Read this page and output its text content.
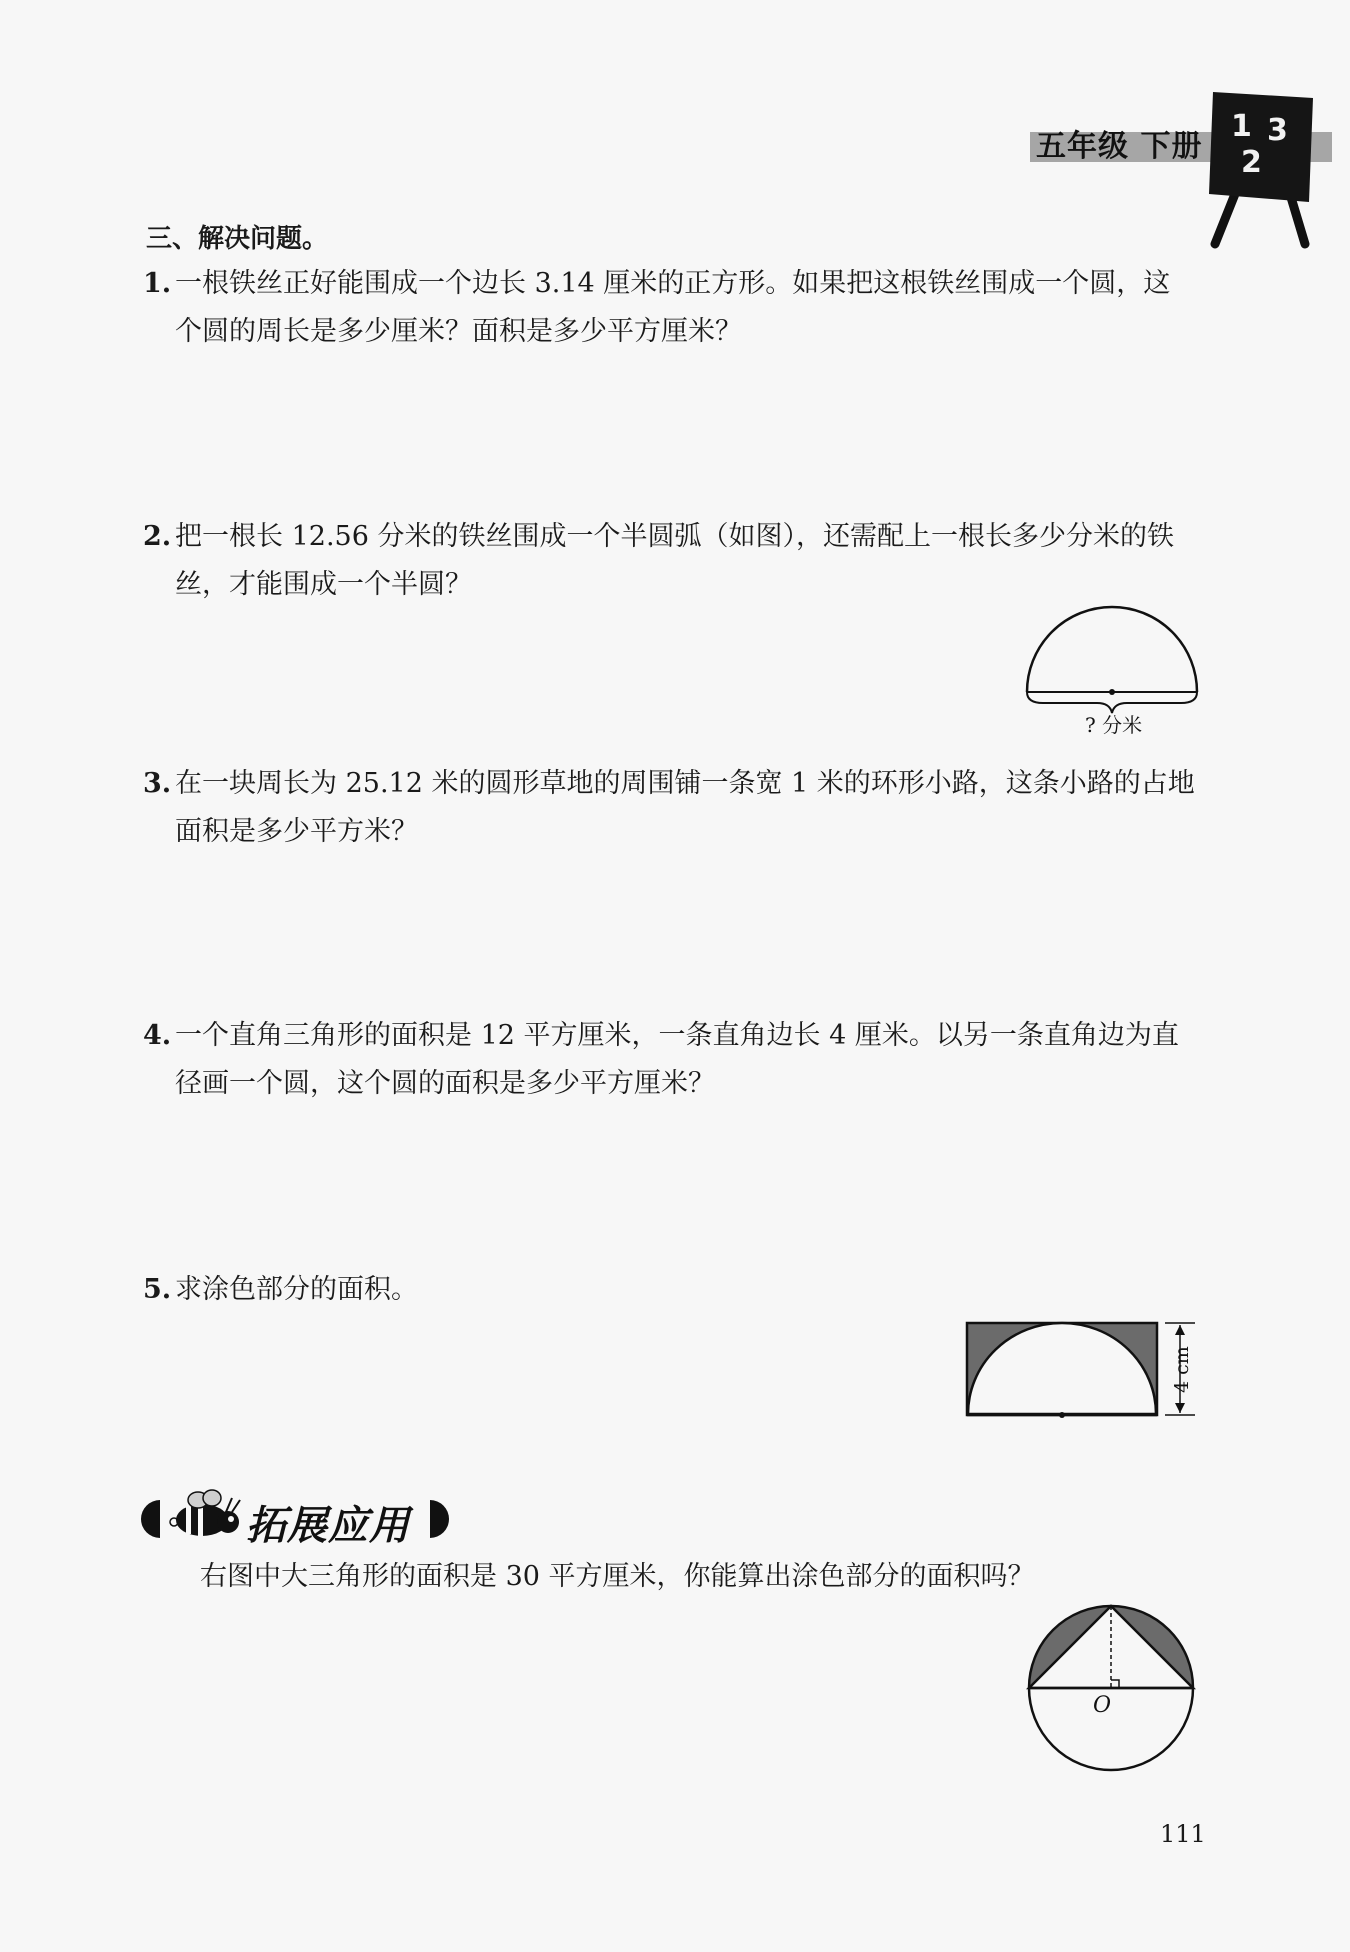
五年级 下册
1 3
2
三、解决问题。

1. 一根铁丝正好能围成一个边长 3.14 厘米的正方形。如果把这根铁丝围成一个圆，这

个圆的周长是多少厘米？面积是多少平方厘米？

2. 把一根长 12.56 分米的铁丝围成一个半圆弧（如图），还需配上一根长多少分米的铁

丝，才能围成一个半圆？

? 分米

3. 在一块周长为 25.12 米的圆形草地的周围铺一条宽 1 米的环形小路，这条小路的占地

面积是多少平方米？

4. 一个直角三角形的面积是 12 平方厘米，一条直角边长 4 厘米。以另一条直角边为直

径画一个圆，这个圆的面积是多少平方厘米？

5. 求涂色部分的面积。

4 cm
拓展应用
右图中大三角形的面积是 30 平方厘米，你能算出涂色部分的面积吗？
O
111
